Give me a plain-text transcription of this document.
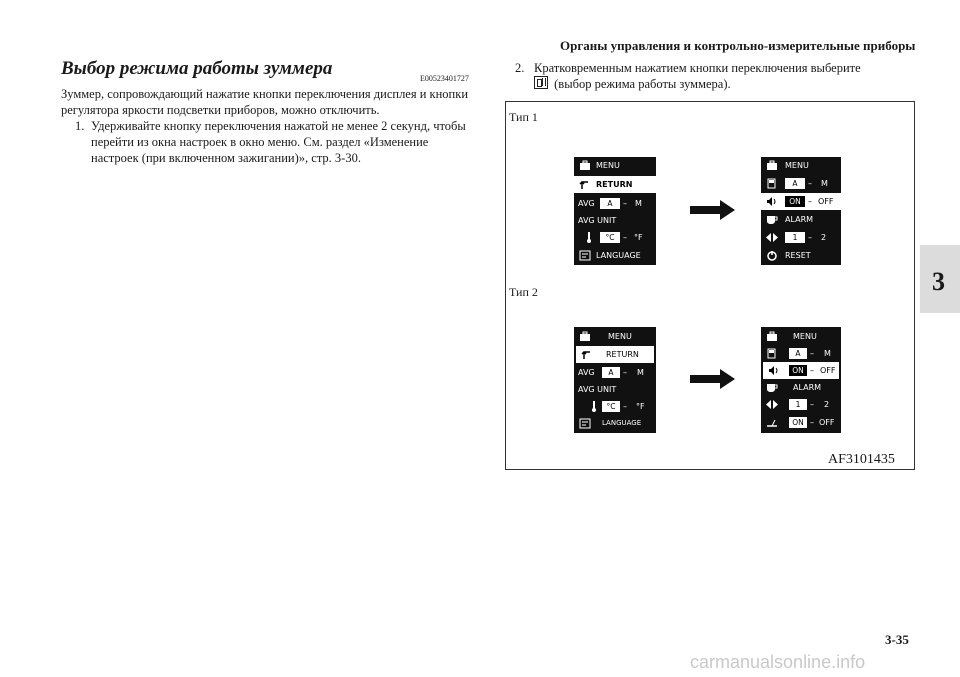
Органы управления и контрольно-измерительные приборы
3
Выбор режима работы зуммера	E00523401727
Зуммер, сопровождающий нажатие кнопки переключения дисплея и кнопки регулятора яркости подсветки приборов, можно отключить.
1. Удерживайте кнопку переключения нажатой не менее 2 секунд, чтобы перейти из окна настроек в окно меню. См. раздел «Изменение настроек (при включенном зажигании)», стр. 3-30.
2. Кратковременным нажатием кнопки переключения выберите
(выбор режима работы зуммера).
Тип 1
Тип 2
AF3101435
MENU
RETURN
AVG	A	– M
AVG UNIT
°C	– °F
LANGUAGE
MENU
A	– M
ON – OFF
ALARM
1	– 2
RESET
MENU
RETURN
AVG	A	– M
AVG UNIT
°C – °F
LANGUAGE
MENU
A	– M
ON – OFF
ALARM
1	– 2
ON – OFF
3-35
carmanualsonline.info
